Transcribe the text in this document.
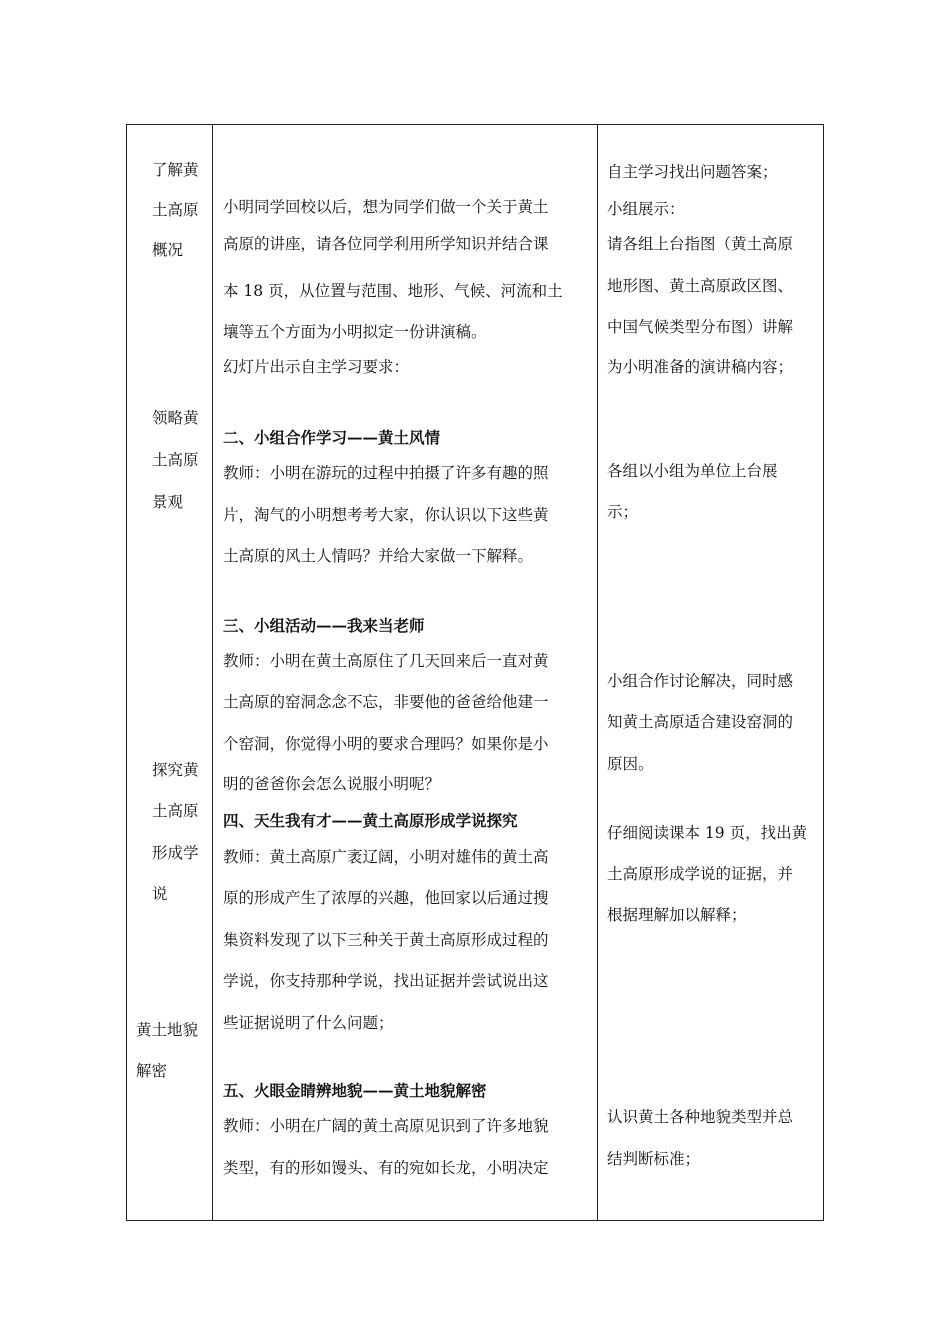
了解黄
土高原
概况
领略黄
土高原
景观
探究黄
土高原
形成学
说
黄土地貌
解密
小明同学回校以后，想为同学们做一个关于黄土
高原的讲座，请各位同学利用所学知识并结合课
本 18 页，从位置与范围、地形、气候、河流和土
壤等五个方面为小明拟定一份讲演稿。
幻灯片出示自主学习要求：
二、小组合作学习——黄土风情
教师：小明在游玩的过程中拍摄了许多有趣的照
片，淘气的小明想考考大家，你认识以下这些黄
土高原的风土人情吗？并给大家做一下解释。
三、小组活动——我来当老师
教师：小明在黄土高原住了几天回来后一直对黄
土高原的窑洞念念不忘，非要他的爸爸给他建一
个窑洞，你觉得小明的要求合理吗？如果你是小
明的爸爸你会怎么说服小明呢？
四、天生我有才——黄土高原形成学说探究
教师：黄土高原广袤辽阔，小明对雄伟的黄土高
原的形成产生了浓厚的兴趣，他回家以后通过搜
集资料发现了以下三种关于黄土高原形成过程的
学说，你支持那种学说，找出证据并尝试说出这
些证据说明了什么问题；
五、火眼金睛辨地貌——黄土地貌解密
教师：小明在广阔的黄土高原见识到了许多地貌
类型，有的形如馒头、有的宛如长龙，小明决定
自主学习找出问题答案；
小组展示：
请各组上台指图（黄土高原
地形图、黄土高原政区图、
中国气候类型分布图）讲解
为小明准备的演讲稿内容；
各组以小组为单位上台展
示；
小组合作讨论解决，同时感
知黄土高原适合建设窑洞的
原因。
仔细阅读课本 19 页，找出黄
土高原形成学说的证据，并
根据理解加以解释；
认识黄土各种地貌类型并总
结判断标准；
